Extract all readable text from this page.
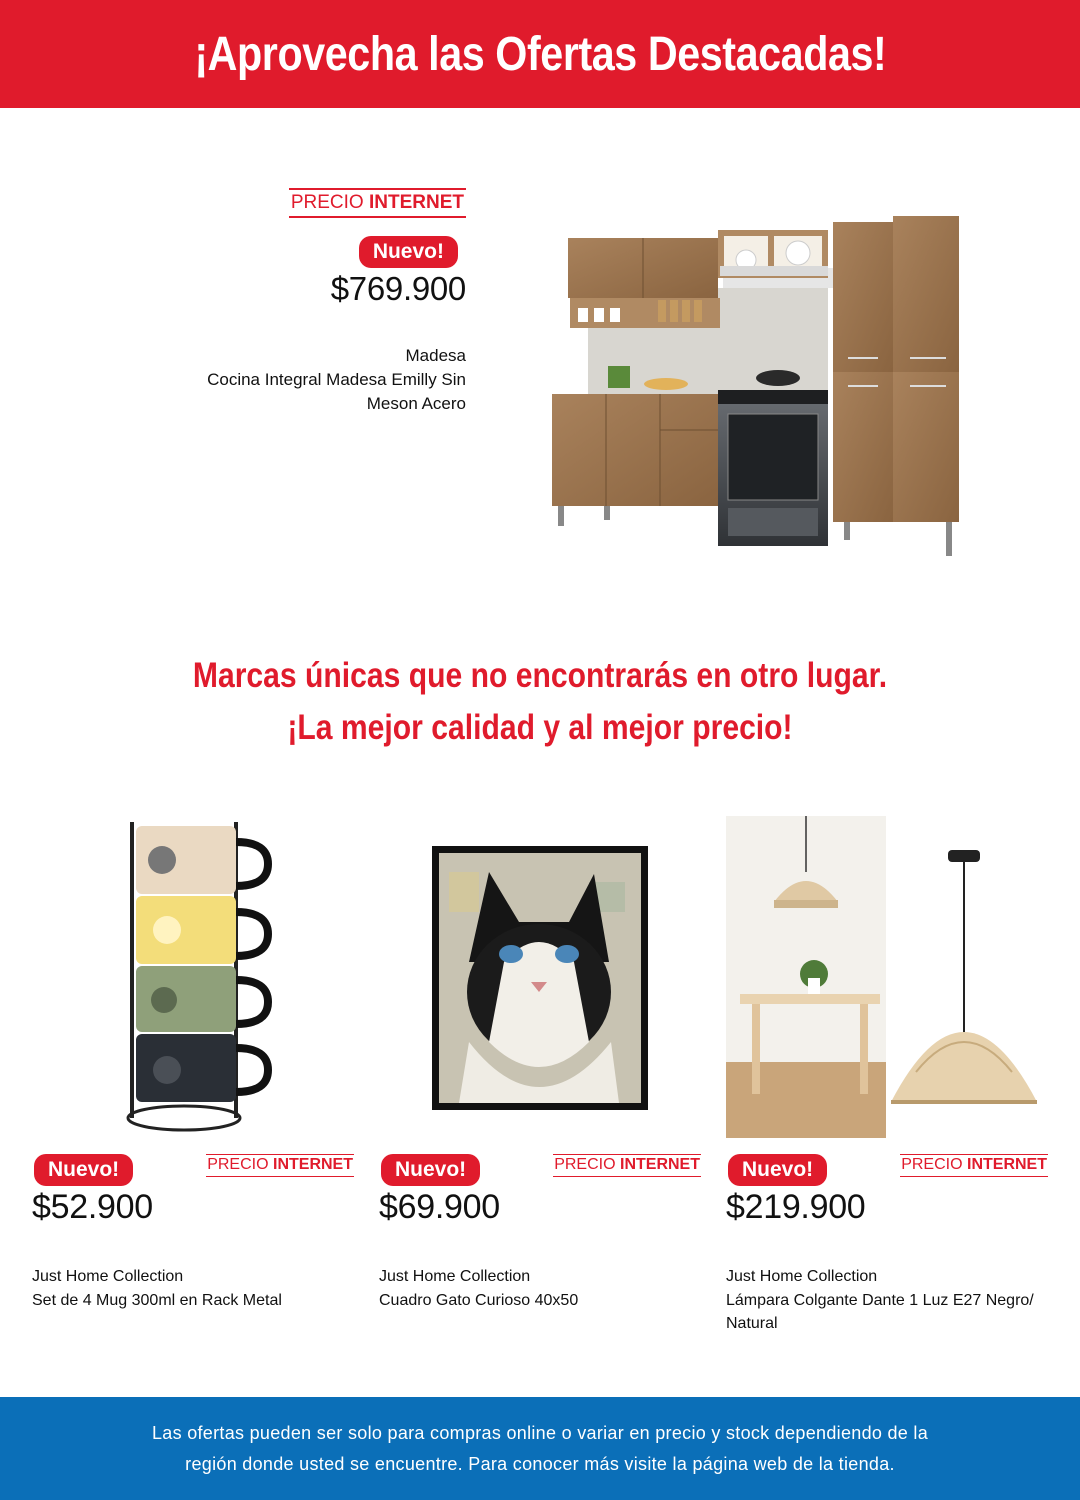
¡Aprovecha las Ofertas Destacadas!
PRECIO INTERNET
Nuevo!
$769.900
Madesa
Cocina Integral Madesa Emilly Sin Meson Acero
Marcas únicas que no encontrarás en otro lugar.
¡La mejor calidad y al mejor precio!
Nuevo!	PRECIO INTERNET
$52.900
Just Home Collection
Set de 4 Mug 300ml en Rack Metal
Nuevo!	PRECIO INTERNET
$69.900
Just Home Collection
Cuadro Gato Curioso 40x50
Nuevo!	PRECIO INTERNET
$219.900
Just Home Collection
Lámpara Colgante Dante 1 Luz E27 Negro/ Natural
Las ofertas pueden ser solo para compras online o variar en precio y stock dependiendo de la
región donde usted se encuentre. Para conocer más visite la página web de la tienda.
